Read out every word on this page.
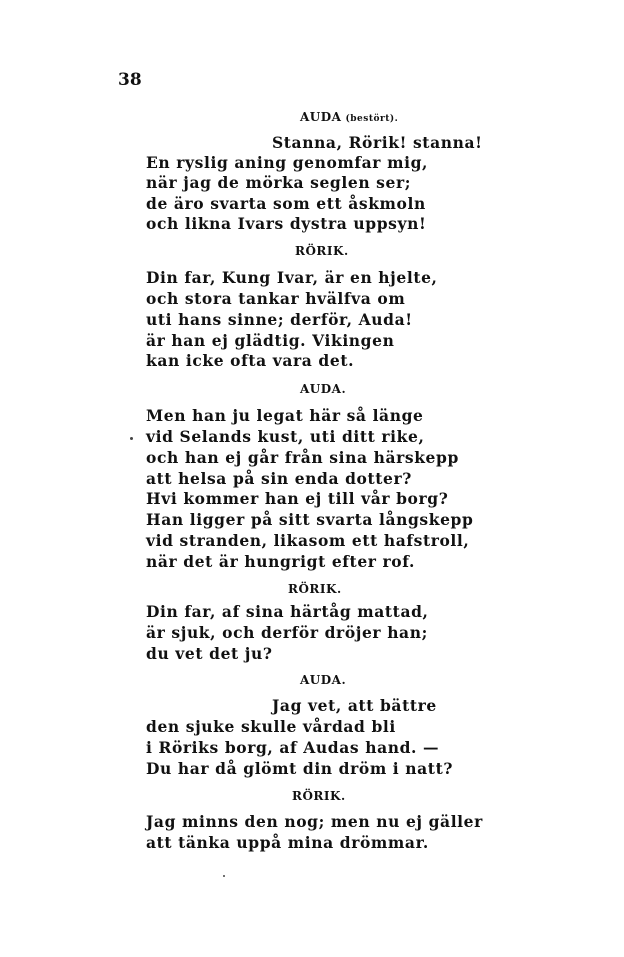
38
AUDA (bestört).
Stanna, Rörik! stanna!
En ryslig aning genomfar mig,
när jag de mörka seglen ser;
de äro svarta som ett åskmoln
och likna Ivars dystra uppsyn!
RÖRIK.
Din far, Kung Ivar, är en hjelte,
och stora tankar hvälfva om
uti hans sinne; derför, Auda!
är han ej glädtig. Vikingen
kan icke ofta vara det.
AUDA.
Men han ju legat här så länge
vid Selands kust, uti ditt rike,
och han ej går från sina härskepp
att helsa på sin enda dotter?
Hvi kommer han ej till vår borg?
Han ligger på sitt svarta långskepp
vid stranden, likasom ett hafstroll,
när det är hungrigt efter rof.
RÖRIK.
Din far, af sina härtåg mattad,
är sjuk, och derför dröjer han;
du vet det ju?
AUDA.
Jag vet, att bättre
den sjuke skulle vårdad bli
i Röriks borg, af Audas hand. —
Du har då glömt din dröm i natt?
RÖRIK.
Jag minns den nog; men nu ej gäller
att tänka uppå mina drömmar.
